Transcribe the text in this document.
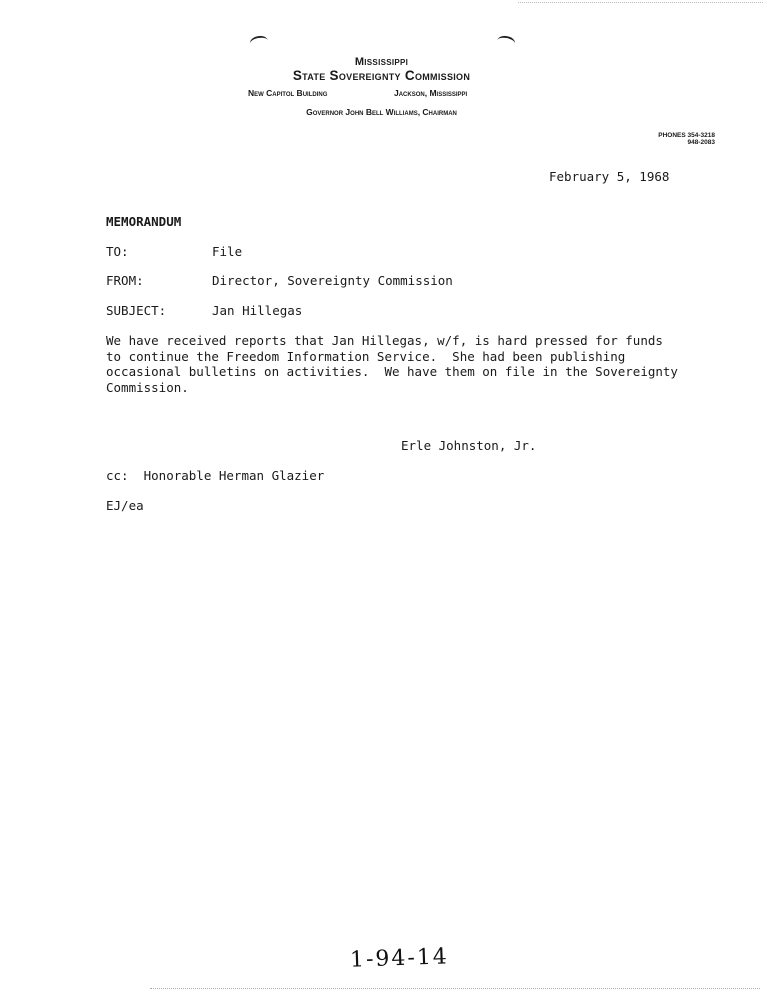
Mississippi
State Sovereignty Commission
New Capitol Building	Jackson, Mississippi
Governor John Bell Williams, Chairman
PHONES 354-3218
948-2083
February 5, 1968
MEMORANDUM
TO:	File
FROM:	Director, Sovereignty Commission
SUBJECT:	Jan Hillegas
We have received reports that Jan Hillegas, w/f, is hard pressed for funds
to continue the Freedom Information Service.  She had been publishing
occasional bulletins on activities.  We have them on file in the Sovereignty
Commission.
Erle Johnston, Jr.
cc:  Honorable Herman Glazier
EJ/ea
1-94-14
